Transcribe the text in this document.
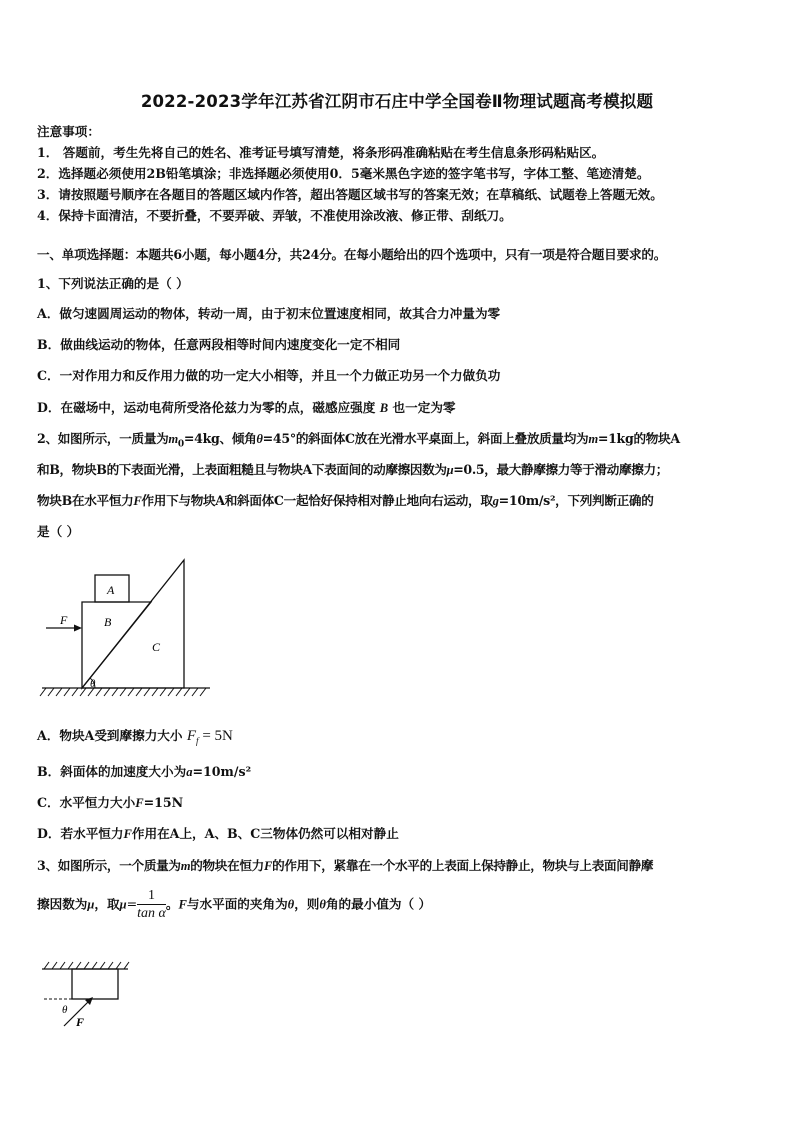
2022-2023学年江苏省江阴市石庄中学全国卷Ⅱ物理试题高考模拟题
注意事项：
1． 答题前，考生先将自己的姓名、准考证号填写清楚，将条形码准确粘贴在考生信息条形码粘贴区。
2．选择题必须使用2B铅笔填涂；非选择题必须使用0．5毫米黑色字迹的签字笔书写，字体工整、笔迹清楚。
3．请按照题号顺序在各题目的答题区域内作答，超出答题区域书写的答案无效；在草稿纸、试题卷上答题无效。
4．保持卡面清洁，不要折叠，不要弄破、弄皱，不准使用涂改液、修正带、刮纸刀。
一、单项选择题：本题共6小题，每小题4分，共24分。在每小题给出的四个选项中，只有一项是符合题目要求的。
1、下列说法正确的是（ ）
A．做匀速圆周运动的物体，转动一周，由于初末位置速度相同，故其合力冲量为零
B．做曲线运动的物体，任意两段相等时间内速度变化一定不相同
C．一对作用力和反作用力做的功一定大小相等，并且一个力做正功另一个力做负功
D．在磁场中，运动电荷所受洛伦兹力为零的点，磁感应强度 B 也一定为零
2、如图所示，一质量为$m_0=4kg$、倾角θ=45°的斜面体C放在光滑水平桌面上，斜面上叠放质量均为m=1kg的物块A
和B，物块B的下表面光滑，上表面粗糙且与物块A下表面间的动摩擦因数为μ=0.5，最大静摩擦力等于滑动摩擦力；
物块B在水平恒力F作用下与物块A和斜面体C一起恰好保持相对静止地向右运动，取g=10m/s²，下列判断正确的
是（ ）
A
B
C
F
θ
A．物块A受到摩擦力大小 $F_f = 5N$
B．斜面体的加速度大小为a=10m/s²
C．水平恒力大小F=15N
D．若水平恒力F作用在A上，A、B、C三物体仍然可以相对静止
3、如图所示，一个质量为m的物块在恒力F的作用下，紧靠在一个水平的上表面上保持静止，物块与上表面间静摩
擦因数为μ，取$\mu= \frac{1}{\text{tan α}}$ 。F与水平面的夹角为θ，则θ角的最小值为（ ）
θ
F
